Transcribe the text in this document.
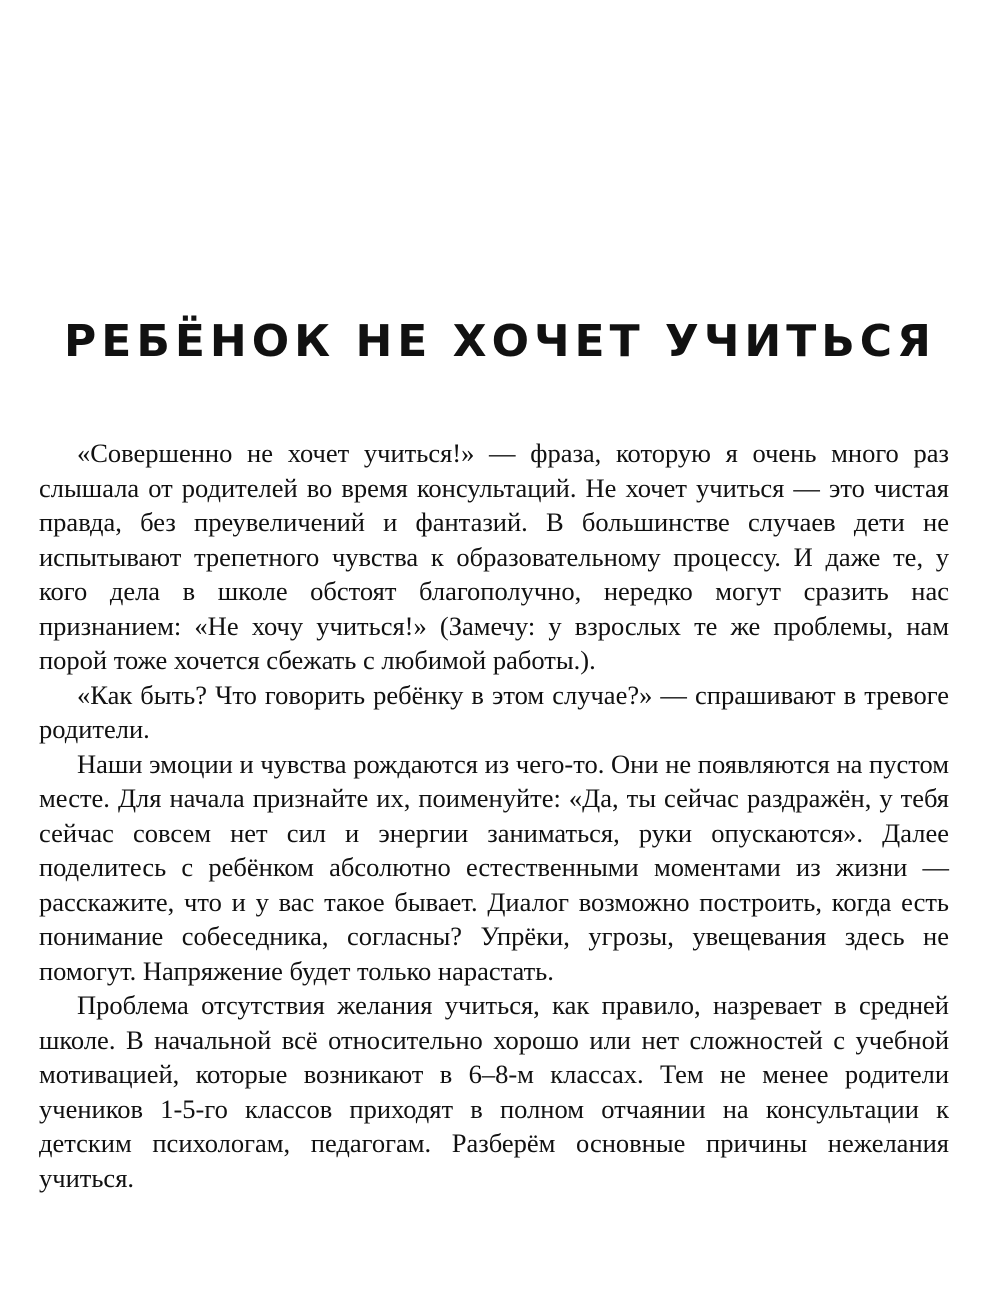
РЕБЁНОК НЕ ХОЧЕТ УЧИТЬСЯ

«Совершенно не хочет учиться!» — фраза, которую я очень много раз слышала от родителей во время консультаций. Не хочет учиться — это чистая правда, без преувеличений и фантазий. В большинстве случаев дети не испытывают трепетного чувства к образовательному процессу. И даже те, у кого дела в школе обстоят благополучно, нередко могут сразить нас признанием: «Не хочу учиться!» (Замечу: у взрослых те же проблемы, нам порой тоже хочется сбежать с любимой работы.).

«Как быть? Что говорить ребёнку в этом случае?» — спрашивают в тревоге родители.

Наши эмоции и чувства рождаются из чего-то. Они не появляются на пустом месте. Для начала признайте их, поименуйте: «Да, ты сейчас раздражён, у тебя сейчас совсем нет сил и энергии заниматься, руки опускаются». Далее поделитесь с ребёнком абсолютно естественными моментами из жизни — расскажите, что и у вас такое бывает. Диалог возможно построить, когда есть понимание собеседника, согласны? Упрёки, угрозы, увещевания здесь не помогут. Напряжение будет только нарастать.

Проблема отсутствия желания учиться, как правило, назревает в средней школе. В начальной всё относительно хорошо или нет сложностей с учебной мотивацией, которые возникают в 6–8-м классах. Тем не менее родители учеников 1-5-го классов приходят в полном отчаянии на консультации к детским психологам, педагогам. Разберём основные причины нежелания учиться.
